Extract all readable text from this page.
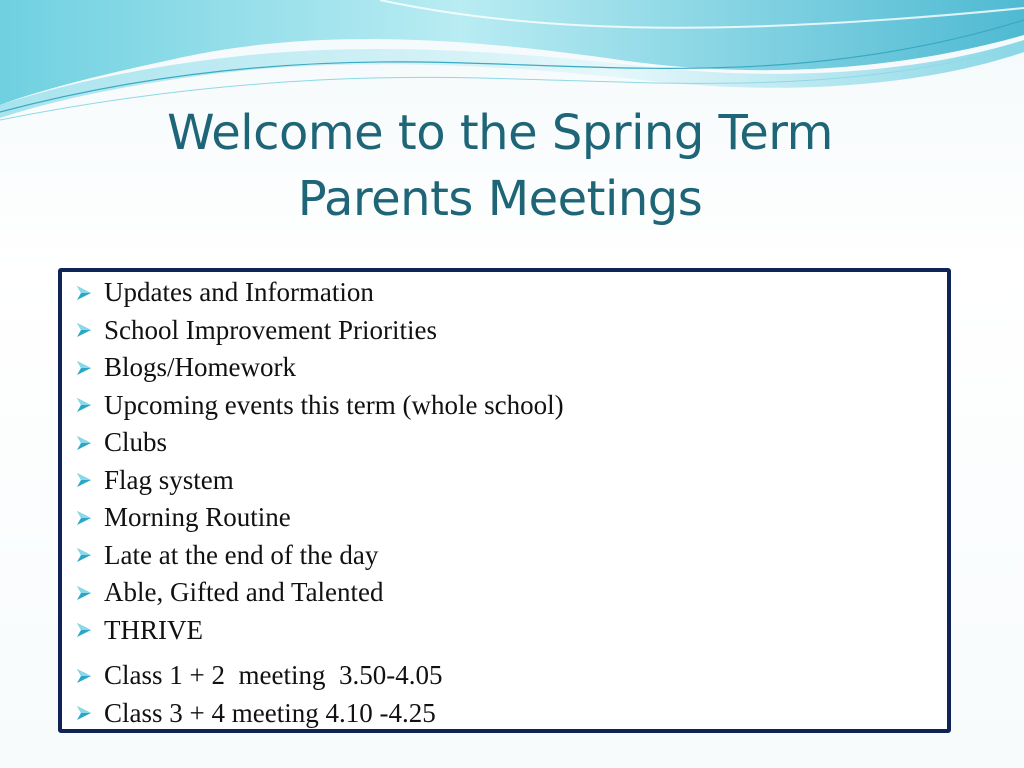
Welcome to the Spring Term
Parents Meetings
Updates and Information
School Improvement Priorities
Blogs/Homework
Upcoming events this term (whole school)
Clubs
Flag system
Morning Routine
Late at the end of the day
Able, Gifted and Talented
THRIVE
Class 1 + 2  meeting  3.50-4.05
Class 3 + 4 meeting 4.10 -4.25
